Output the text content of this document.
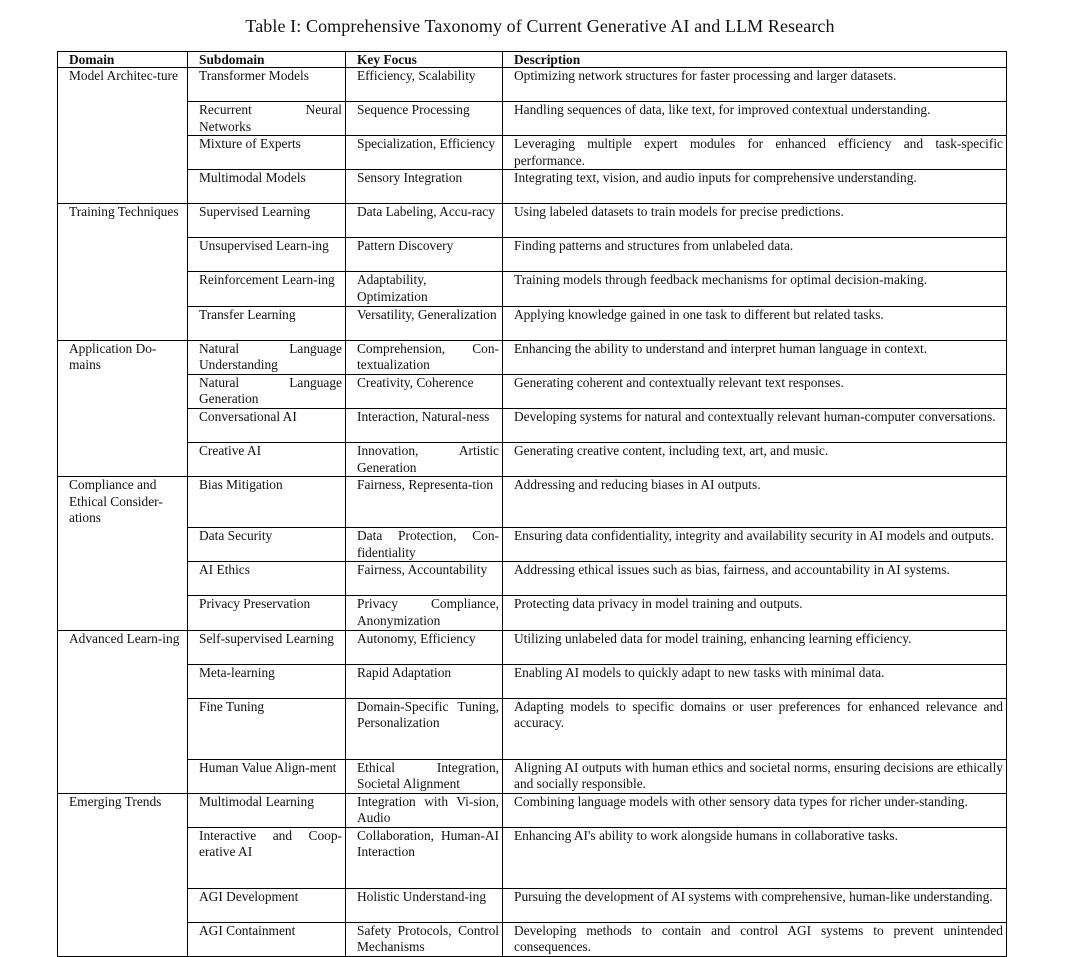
Table I: Comprehensive Taxonomy of Current Generative AI and LLM Research
Domain	Subdomain	Key Focus	Description
Model Architec-ture	Transformer Models	Efficiency, Scalability	Optimizing network structures for faster processing and larger datasets.
	Recurrent Neural Networks	Sequence Processing	Handling sequences of data, like text, for improved contextual understanding.
	Mixture of Experts	Specialization, Efficiency	Leveraging multiple expert modules for enhanced efficiency and task-specific performance.
	Multimodal Models	Sensory Integration	Integrating text, vision, and audio inputs for comprehensive understanding.
Training Techniques	Supervised Learning	Data Labeling, Accu-racy	Using labeled datasets to train models for precise predictions.
	Unsupervised Learn-ing	Pattern Discovery	Finding patterns and structures from unlabeled data.
	Reinforcement Learn-ing	Adaptability, Optimization	Training models through feedback mechanisms for optimal decision-making.
	Transfer Learning	Versatility, Generalization	Applying knowledge gained in one task to different but related tasks.
Application Do-mains	Natural Language Understanding	Comprehension, Con-textualization	Enhancing the ability to understand and interpret human language in context.
	Natural Language Generation	Creativity, Coherence	Generating coherent and contextually relevant text responses.
	Conversational AI	Interaction, Natural-ness	Developing systems for natural and contextually relevant human-computer conversations.
	Creative AI	Innovation, Artistic Generation	Generating creative content, including text, art, and music.
Compliance and Ethical Consider-ations	Bias Mitigation	Fairness, Representa-tion	Addressing and reducing biases in AI outputs.
	Data Security	Data Protection, Con-fidentiality	Ensuring data confidentiality, integrity and availability security in AI models and outputs.
	AI Ethics	Fairness, Accountability	Addressing ethical issues such as bias, fairness, and accountability in AI systems.
	Privacy Preservation	Privacy Compliance, Anonymization	Protecting data privacy in model training and outputs.
Advanced Learn-ing	Self-supervised Learning	Autonomy, Efficiency	Utilizing unlabeled data for model training, enhancing learning efficiency.
	Meta-learning	Rapid Adaptation	Enabling AI models to quickly adapt to new tasks with minimal data.
	Fine Tuning	Domain-Specific Tuning, Personalization	Adapting models to specific domains or user preferences for enhanced relevance and accuracy.
	Human Value Align-ment	Ethical Integration, Societal Alignment	Aligning AI outputs with human ethics and societal norms, ensuring decisions are ethically and socially responsible.
Emerging Trends	Multimodal Learning	Integration with Vi-sion, Audio	Combining language models with other sensory data types for richer under-standing.
	Interactive and Coop-erative AI	Collaboration, Human-AI Interaction	Enhancing AI's ability to work alongside humans in collaborative tasks.
	AGI Development	Holistic Understand-ing	Pursuing the development of AI systems with comprehensive, human-like understanding.
	AGI Containment	Safety Protocols, Control Mechanisms	Developing methods to contain and control AGI systems to prevent unintended consequences.
